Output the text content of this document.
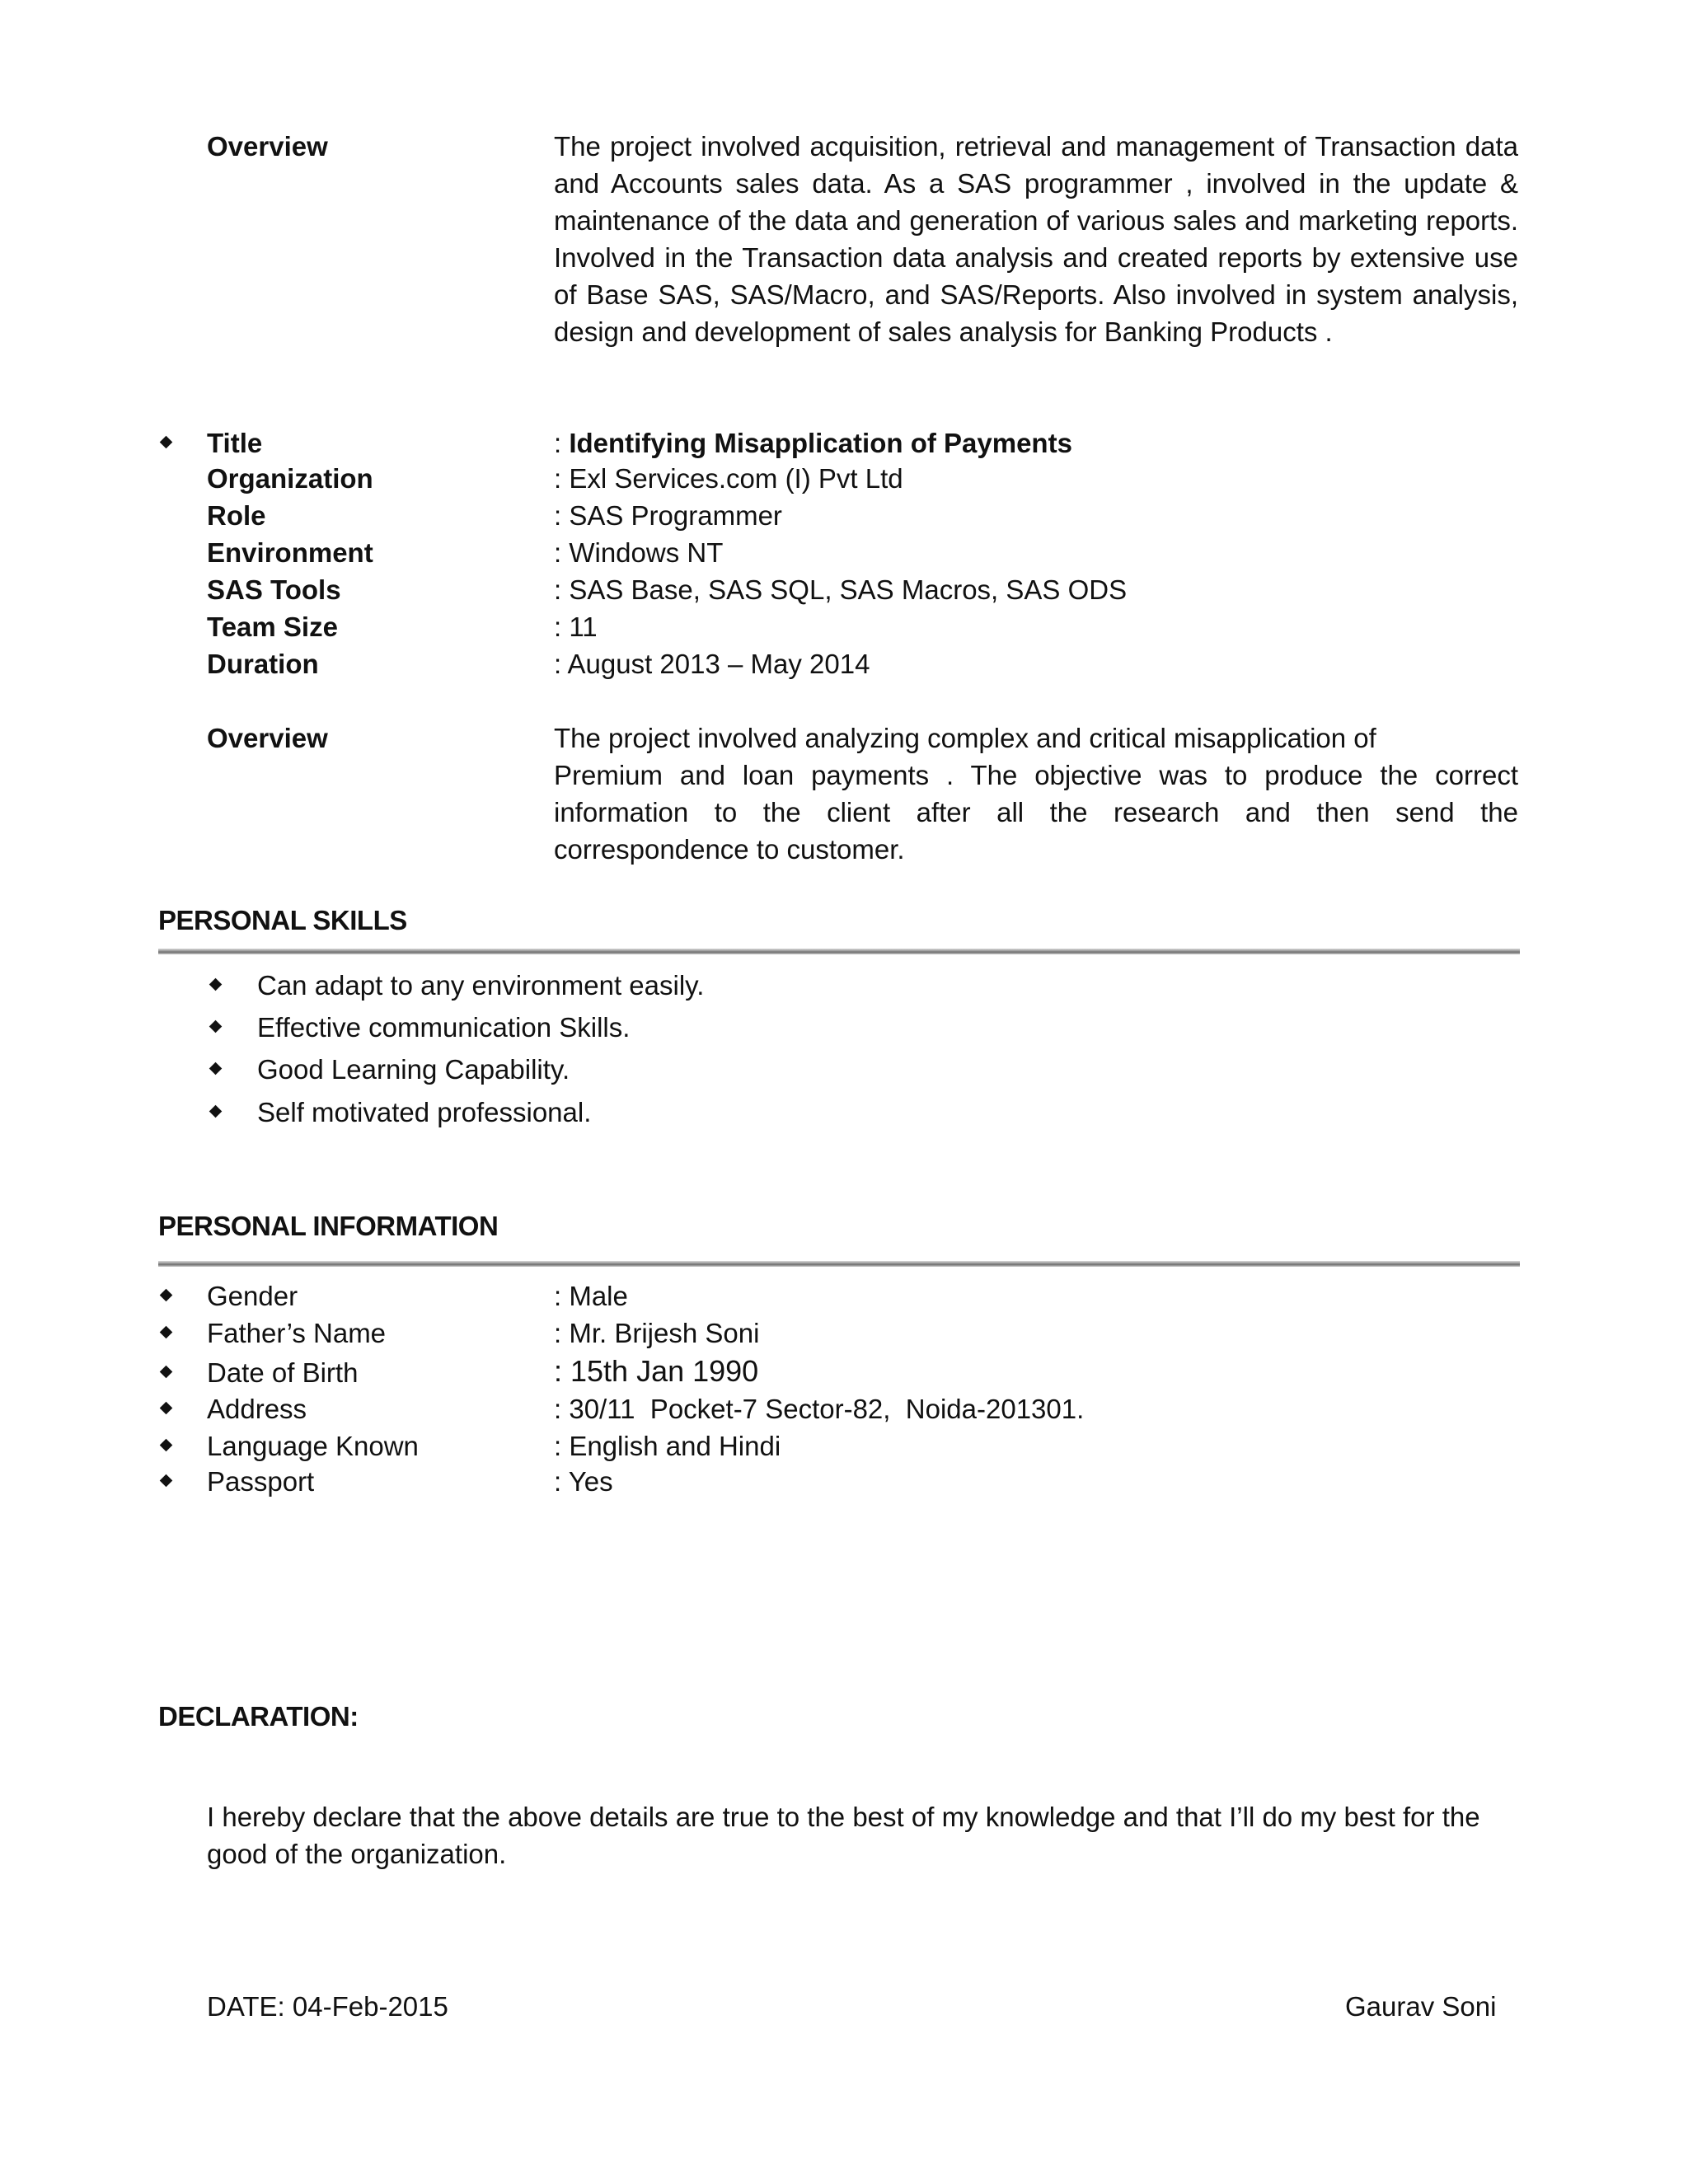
Overview	The project involved acquisition, retrieval and management of Transaction data and Accounts sales data. As a SAS programmer , involved in the update & maintenance of the data and generation of various sales and marketing reports. Involved in the Transaction data analysis and created reports by extensive use of Base SAS, SAS/Macro, and SAS/Reports. Also involved in system analysis, design and development of sales analysis for Banking Products .
Title	: Identifying Misapplication of Payments
Organization	: Exl Services.com (I) Pvt Ltd
Role	: SAS Programmer
Environment	: Windows NT
SAS Tools	: SAS Base, SAS SQL, SAS Macros, SAS ODS
Team Size	: 11
Duration	: August 2013 – May 2014
Overview	The project involved analyzing complex and critical misapplication of
Premium and loan payments . The objective was to produce the correct information to the client after all the research and then send the correspondence to customer.
PERSONAL SKILLS
Can adapt to any environment easily.
Effective communication Skills.
Good Learning Capability.
Self motivated professional.
PERSONAL INFORMATION
Gender	: Male
Father’s Name	: Mr. Brijesh Soni
Date of Birth	: 15th Jan 1990
Address	: 30/11  Pocket-7 Sector-82,  Noida-201301.
Language Known	: English and Hindi
Passport	: Yes
DECLARATION:
I hereby declare that the above details are true to the best of my knowledge and that I’ll do my best for the good of the organization.
DATE: 04-Feb-2015	Gaurav Soni
